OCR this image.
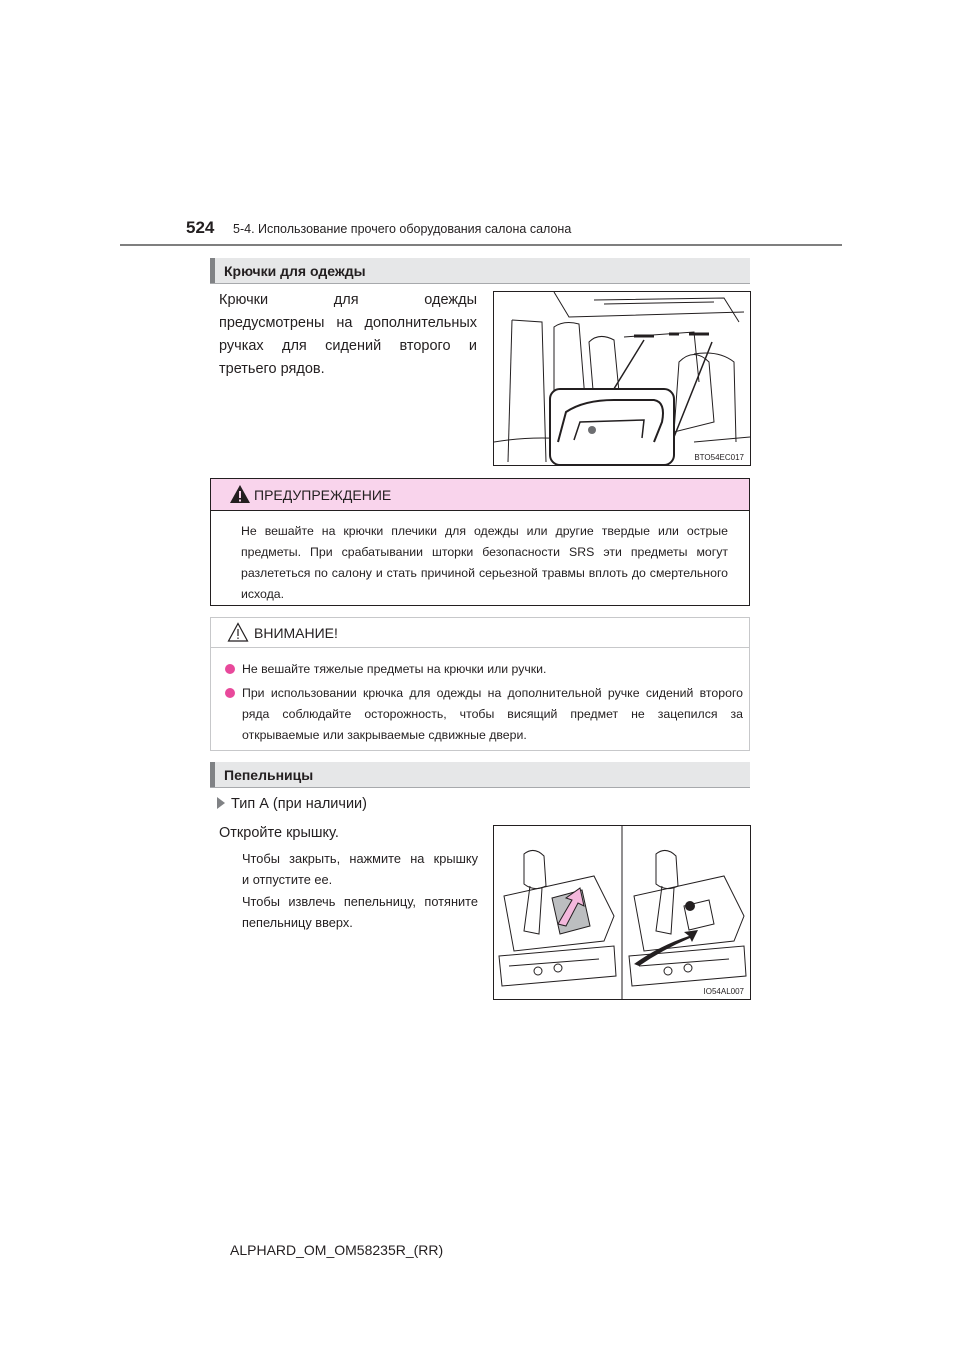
524 5-4. Использование прочего оборудования салона салона
Крючки для одежды
Крючки для одежды
предусмотрены на дополнительных
ручках для сидений второго и
третьего рядов.
BTO54EC017
ПРЕДУПРЕЖДЕНИЕ
Не вешайте на крючки плечики для одежды или другие твердые или острые предметы. При срабатывании шторки безопасности SRS эти предметы могут разлететься по салону и стать причиной серьезной травмы вплоть до смертельного исхода.
ВНИМАНИЕ!
Не вешайте тяжелые предметы на крючки или ручки.
При использовании крючка для одежды на дополнительной ручке сидений второго ряда соблюдайте осторожность, чтобы висящий предмет не зацепился за открываемые или закрываемые сдвижные двери.
Пепельницы
Тип А (при наличии)
Откройте крышку.
Чтобы закрыть, нажмите на крышку
и отпустите ее.
Чтобы извлечь пепельницу, потяните
пепельницу вверх.
IO54AL007
ALPHARD_OM_OM58235R_(RR)
